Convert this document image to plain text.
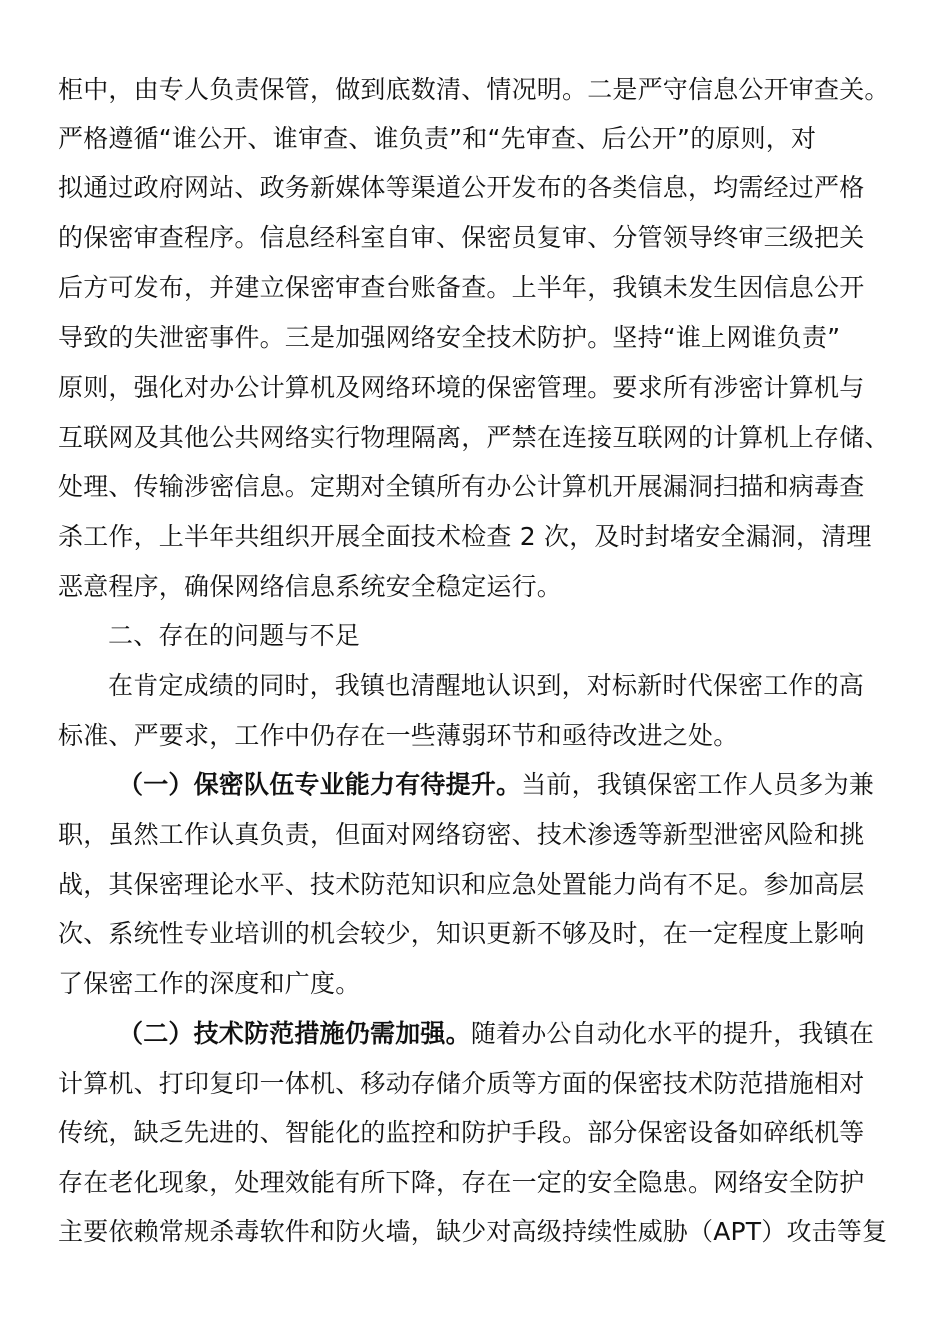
柜中，由专人负责保管，做到底数清、情况明。二是严守信息公开审查关。
严格遵循“谁公开、谁审查、谁负责”和“先审查、后公开”的原则，对
拟通过政府网站、政务新媒体等渠道公开发布的各类信息，均需经过严格
的保密审查程序。信息经科室自审、保密员复审、分管领导终审三级把关
后方可发布，并建立保密审查台账备查。上半年，我镇未发生因信息公开
导致的失泄密事件。三是加强网络安全技术防护。坚持“谁上网谁负责”
原则，强化对办公计算机及网络环境的保密管理。要求所有涉密计算机与
互联网及其他公共网络实行物理隔离，严禁在连接互联网的计算机上存储、
处理、传输涉密信息。定期对全镇所有办公计算机开展漏洞扫描和病毒查
杀工作，上半年共组织开展全面技术检查 2 次，及时封堵安全漏洞，清理
恶意程序，确保网络信息系统安全稳定运行。
二、存在的问题与不足
在肯定成绩的同时，我镇也清醒地认识到，对标新时代保密工作的高
标准、严要求，工作中仍存在一些薄弱环节和亟待改进之处。
（一）保密队伍专业能力有待提升。当前，我镇保密工作人员多为兼
职，虽然工作认真负责，但面对网络窃密、技术渗透等新型泄密风险和挑
战，其保密理论水平、技术防范知识和应急处置能力尚有不足。参加高层
次、系统性专业培训的机会较少，知识更新不够及时，在一定程度上影响
了保密工作的深度和广度。
（二）技术防范措施仍需加强。随着办公自动化水平的提升，我镇在
计算机、打印复印一体机、移动存储介质等方面的保密技术防范措施相对
传统，缺乏先进的、智能化的监控和防护手段。部分保密设备如碎纸机等
存在老化现象，处理效能有所下降，存在一定的安全隐患。网络安全防护
主要依赖常规杀毒软件和防火墙，缺少对高级持续性威胁（APT）攻击等复
